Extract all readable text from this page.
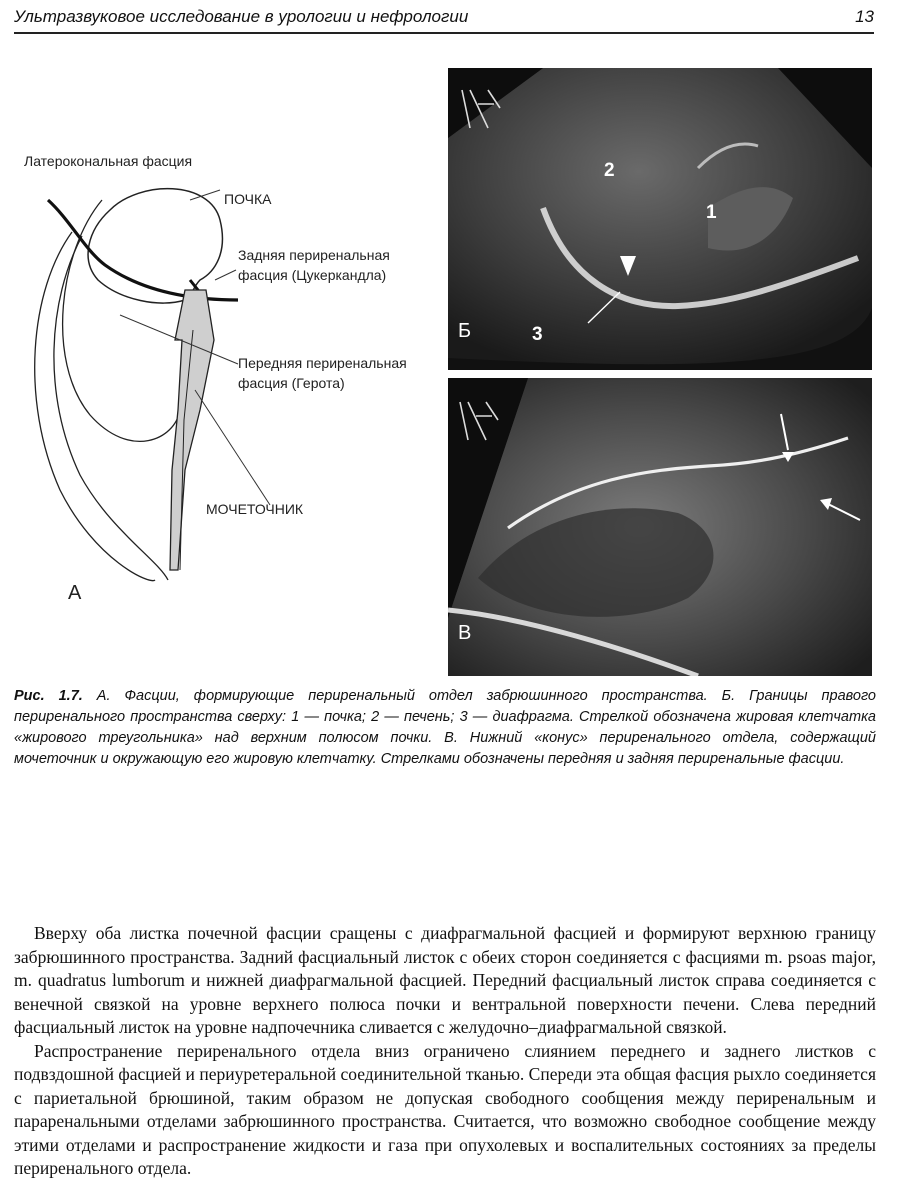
Ультразвуковое исследование в урологии и нефрологии	13
Латерокональная фасция
ПОЧКА
Задняя периренальная
фасция (Цукеркандла)
Передняя периренальная
фасция (Герота)
МОЧЕТОЧНИК
А
2
1
3
Б
В
Рис. 1.7. А. Фасции, формирующие периренальный отдел забрюшинного пространства. Б. Границы правого периренального пространства сверху: 1 — почка; 2 — печень; 3 — диафрагма. Стрелкой обозначена жировая клетчатка «жирового треугольника» над верхним полюсом почки. В. Нижний «конус» периренального отдела, содержащий мочеточник и окружающую его жировую клетчатку. Стрелками обозначены передняя и задняя периренальные фасции.

Вверху оба листка почечной фасции сращены с диафрагмальной фасцией и формируют верхнюю границу забрюшинного пространства. Задний фасциальный листок с обеих сторон соединяется с фасциями m. psoas major, m. quadratus lumborum и нижней диафрагмальной фасцией. Передний фасциальный листок справа соединяется с венечной связкой на уровне верхнего полюса почки и вентральной поверхности печени. Слева передний фасциальный листок на уровне надпочечника сливается с желудочно–диафрагмальной связкой.

Распространение периренального отдела вниз ограничено слиянием переднего и заднего листков с подвздошной фасцией и периуретеральной соединительной тканью. Спереди эта общая фасция рыхло соединяется с париетальной брюшиной, таким образом не допуская свободного сообщения между периренальным и параренальными отделами забрюшинного пространства. Считается, что возможно свободное сообщение между этими отделами и распространение жидкости и газа при опухолевых и воспалительных состояниях за пределы периренального отдела.
